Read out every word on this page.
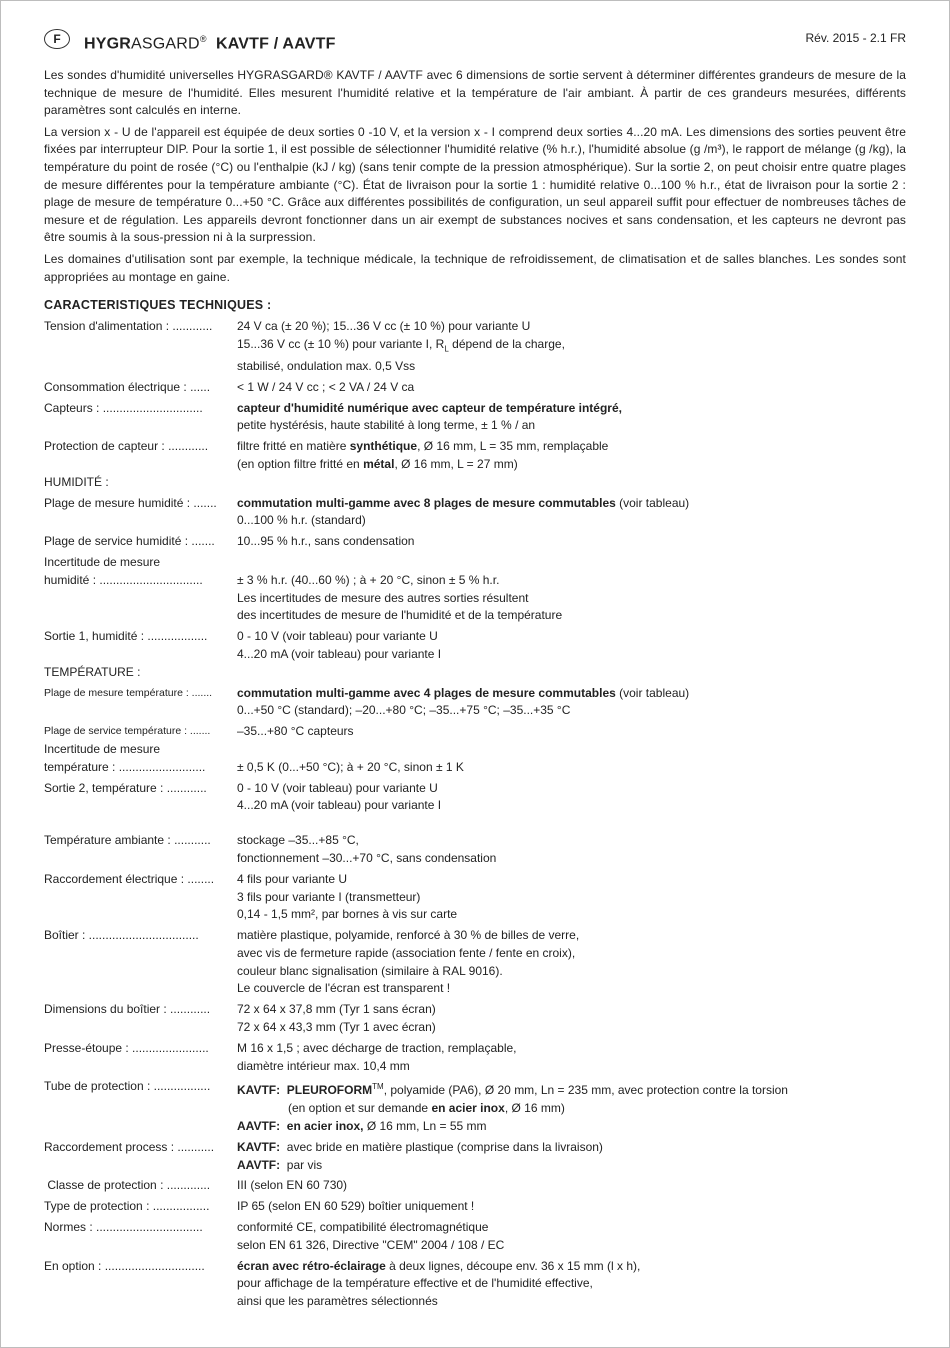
F	HYGRASGARD® KAVTF / AAVTF	Rév. 2015 - 2.1 FR

Les sondes d'humidité universelles HYGRASGARD® KAVTF / AAVTF avec 6 dimensions de sortie servent à déterminer différentes grandeurs de mesure de la technique de mesure de l'humidité. Elles mesurent l'humidité relative et la température de l'air ambiant. À partir de ces grandeurs mesurées, différents paramètres sont calculés en interne.

La version x - U de l'appareil est équipée de deux sorties 0 -10 V, et la version x - I comprend deux sorties 4...20 mA. Les dimensions des sorties peuvent être fixées par interrupteur DIP. Pour la sortie 1, il est possible de sélectionner l'humidité relative (% h.r.), l'humidité absolue (g /m³), le rapport de mélange (g /kg), la température du point de rosée (°C) ou l'enthalpie (kJ / kg) (sans tenir compte de la pression atmosphérique). Sur la sortie 2, on peut choisir entre quatre plages de mesure différentes pour la température ambiante (°C). État de livraison pour la sortie 1 : humidité relative 0...100 % h.r., état de livraison pour la sortie 2 : plage de mesure de température 0...+50 °C. Grâce aux différentes possibilités de configuration, un seul appareil suffit pour effectuer de nombreuses tâches de mesure et de régulation. Les appareils devront fonctionner dans un air exempt de substances nocives et sans condensation, et les capteurs ne devront pas être soumis à la sous-pression ni à la surpression.

Les domaines d'utilisation sont par exemple, la technique médicale, la technique de refroidissement, de climatisation et de salles blanches. Les sondes sont appropriées au montage en gaine.

CARACTERISTIQUES TECHNIQUES :
Tension d'alimentation : ............	24 V ca (± 20 %); 15...36 V cc (± 10 %) pour variante U
15...36 V cc (± 10 %) pour variante I, $R_L$ dépend de la charge,
stabilisé, ondulation max. 0,5 Vss
Consommation électrique : ......	< 1 W / 24 V cc ; < 2 VA / 24 V ca
Capteurs : ..............................	capteur d'humidité numérique avec capteur de température intégré,
petite hystérésis, haute stabilité à long terme, ± 1 % / an
Protection de capteur : ............	filtre fritté en matière synthétique, Ø 16 mm, L = 35 mm, remplaçable
(en option filtre fritté en métal, Ø 16 mm, L = 27 mm)
HUMIDITÉ :
Plage de mesure humidité : .......	commutation multi-gamme avec 8 plages de mesure commutables (voir tableau)
0...100 % h.r. (standard)
Plage de service humidité : .......	10...95 % h.r., sans condensation
Incertitude de mesure
humidité : ...............................	± 3 % h.r. (40...60 %) ; à + 20 °C, sinon ± 5 % h.r.
Les incertitudes de mesure des autres sorties résultent
des incertitudes de mesure de l'humidité et de la température
Sortie 1, humidité : ..................	0 - 10 V (voir tableau) pour variante U
4...20 mA (voir tableau) pour variante I
TEMPÉRATURE :
Plage de mesure température : .......	commutation multi-gamme avec 4 plages de mesure commutables (voir tableau)
0...+50 °C (standard); –20...+80 °C; –35...+75 °C; –35...+35 °C
Plage de service température : .......	–35...+80 °C capteurs
Incertitude de mesure
température : ..........................	± 0,5 K (0...+50 °C); à + 20 °C, sinon ± 1 K
Sortie 2, température : ............	0 - 10 V (voir tableau) pour variante U
4...20 mA (voir tableau) pour variante I
Température ambiante : ...........	stockage –35...+85 °C,
fonctionnement –30...+70 °C, sans condensation
Raccordement électrique : ........	4 fils pour variante U
3 fils pour variante I (transmetteur)
0,14 - 1,5 mm², par bornes à vis sur carte
Boîtier : .................................	matière plastique, polyamide, renforcé à 30 % de billes de verre,
avec vis de fermeture rapide (association fente / fente en croix),
couleur blanc signalisation (similaire à RAL 9016).
Le couvercle de l'écran est transparent !
Dimensions du boîtier : ............	72 x 64 x 37,8 mm (Tyr 1 sans écran)
72 x 64 x 43,3 mm (Tyr 1 avec écran)
Presse-étoupe : .......................	M 16 x 1,5 ; avec décharge de traction, remplaçable,
diamètre intérieur max. 10,4 mm
Tube de protection : .................	KAVTF: PLEUROFORM™, polyamide (PA6), Ø 20 mm, Ln = 235 mm, avec protection contre la torsion
(en option et sur demande en acier inox, Ø 16 mm)
AAVTF: en acier inox, Ø 16 mm, Ln = 55 mm
Raccordement process : ...........	KAVTF: avec bride en matière plastique (comprise dans la livraison)
AAVTF: par vis
Classe de protection : .............	III (selon EN 60 730)
Type de protection : .................	IP 65 (selon EN 60 529) boîtier uniquement !
Normes : ................................	conformité CE, compatibilité électromagnétique
selon EN 61 326, Directive "CEM" 2004 / 108 / EC
En option : ..............................	écran avec rétro-éclairage à deux lignes, découpe env. 36 x 15 mm (l x h),
pour affichage de la température effective et de l'humidité effective,
ainsi que les paramètres sélectionnés
